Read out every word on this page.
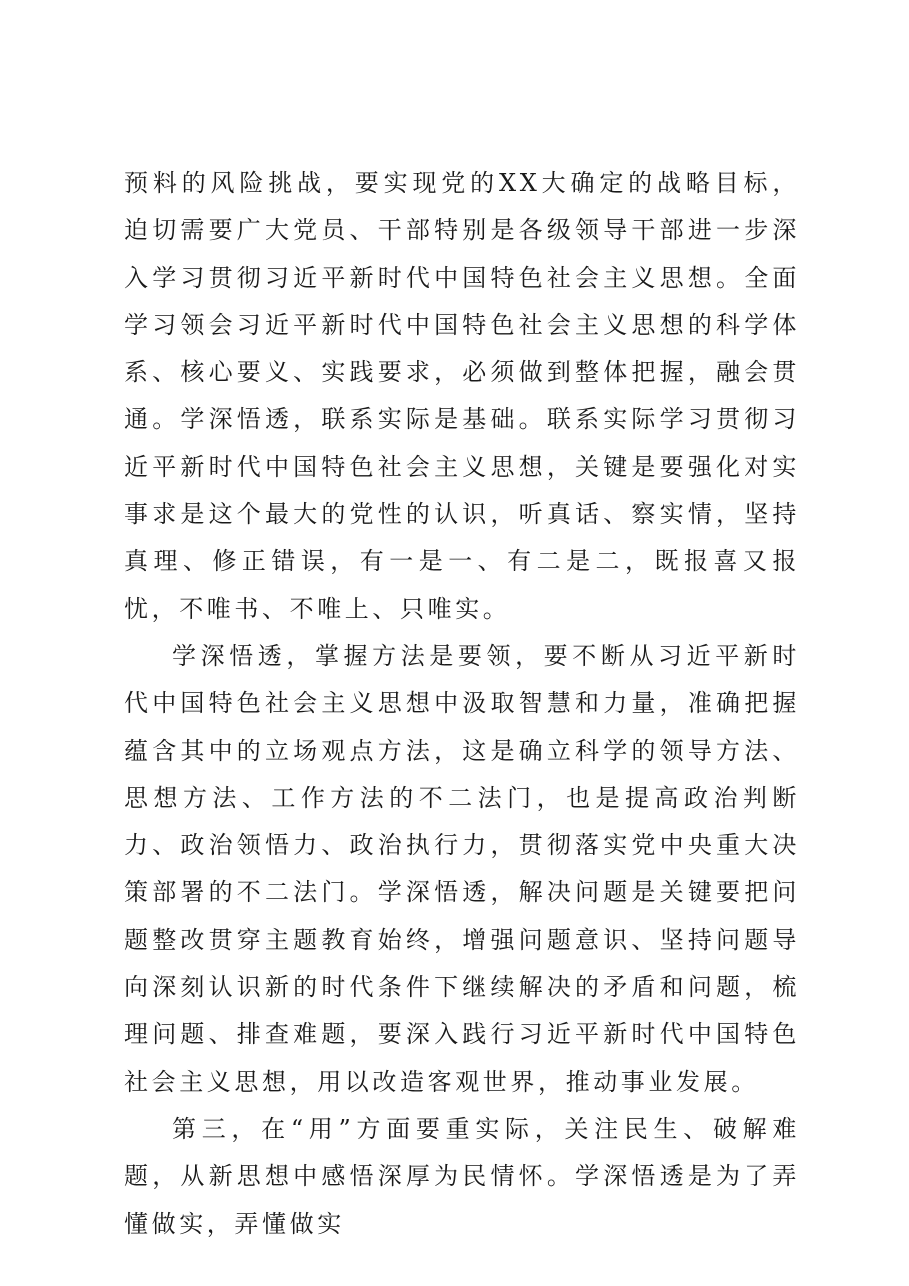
预料的风险挑战，要实现党的XX大确定的战略目标，迫切需要广大党员、干部特别是各级领导干部进一步深入学习贯彻习近平新时代中国特色社会主义思想。全面学习领会习近平新时代中国特色社会主义思想的科学体系、核心要义、实践要求，必须做到整体把握，融会贯通。学深悟透，联系实际是基础。联系实际学习贯彻习近平新时代中国特色社会主义思想，关键是要强化对实事求是这个最大的党性的认识，听真话、察实情，坚持真理、修正错误，有一是一、有二是二，既报喜又报忧，不唯书、不唯上、只唯实。

学深悟透，掌握方法是要领，要不断从习近平新时代中国特色社会主义思想中汲取智慧和力量，准确把握蕴含其中的立场观点方法，这是确立科学的领导方法、思想方法、工作方法的不二法门，也是提高政治判断力、政治领悟力、政治执行力，贯彻落实党中央重大决策部署的不二法门。学深悟透，解决问题是关键要把问题整改贯穿主题教育始终，增强问题意识、坚持问题导向深刻认识新的时代条件下继续解决的矛盾和问题，梳理问题、排查难题，要深入践行习近平新时代中国特色社会主义思想，用以改造客观世界，推动事业发展。

第三，在“用”方面要重实际，关注民生、破解难题，从新思想中感悟深厚为民情怀。学深悟透是为了弄懂做实，弄懂做实
